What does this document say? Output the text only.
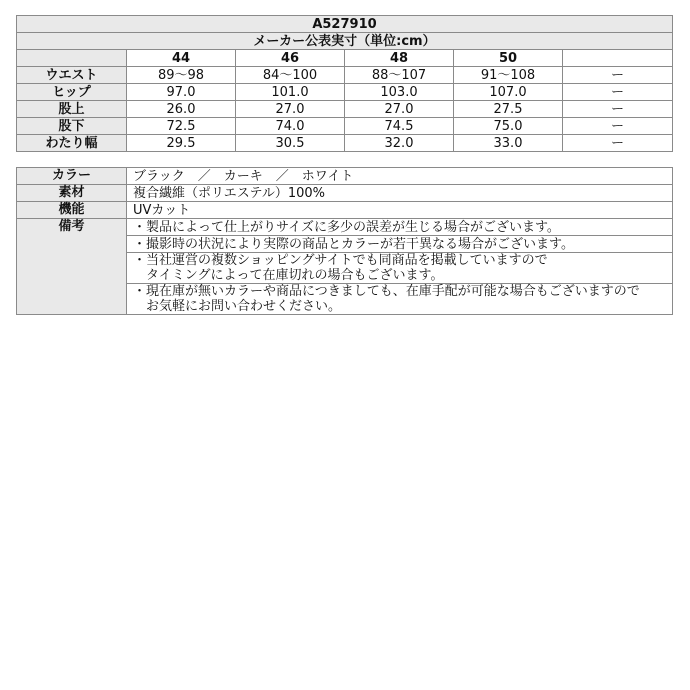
A527910					
メーカー公表実寸（単位:cm）					
	44	46	48	50	
ウエスト	89～98	84～100	88～107	91～108	ー
ヒップ	97.0	101.0	103.0	107.0	ー
股上	26.0	27.0	27.0	27.5	ー
股下	72.5	74.0	74.5	75.0	ー
わたり幅	29.5	30.5	32.0	33.0	ー
カラー	ブラック　／　カーキ　／　ホワイト
素材	複合繊維（ポリエステル）100%
機能	UVカット
備考	・製品によって仕上がりサイズに多少の誤差が生じる場合がございます。

	・撮影時の状況により実際の商品とカラーが若干異なる場合がございます。

	・当社運営の複数ショッピングサイトでも同商品を掲載していますので
　タイミングによって在庫切れの場合もございます。

	・現在庫が無いカラーや商品につきましても、在庫手配が可能な場合もございますので
　お気軽にお問い合わせください。
